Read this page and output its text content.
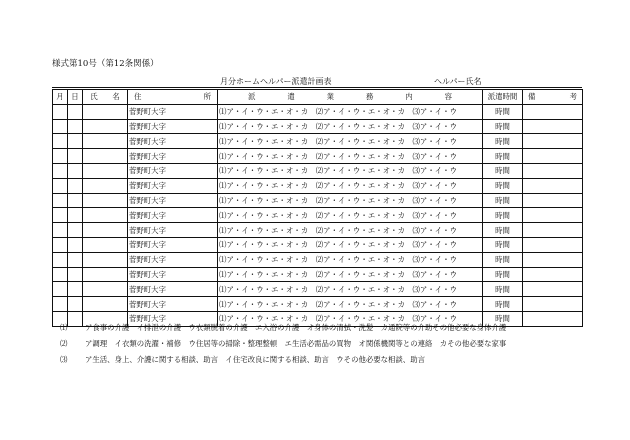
様式第10号（第12条関係）
月分ホームヘルパー派遣計画表	ヘルパー氏名
月	日	氏　　名	住所	派遣業務内容	派遣時間	備考
			菅野町大字	⑴ア・イ・ウ・エ・オ・カ　⑵ア・イ・ウ・エ・オ・カ　⑶ア・イ・ウ	時間	
			菅野町大字	⑴ア・イ・ウ・エ・オ・カ　⑵ア・イ・ウ・エ・オ・カ　⑶ア・イ・ウ	時間	
			菅野町大字	⑴ア・イ・ウ・エ・オ・カ　⑵ア・イ・ウ・エ・オ・カ　⑶ア・イ・ウ	時間	
			菅野町大字	⑴ア・イ・ウ・エ・オ・カ　⑵ア・イ・ウ・エ・オ・カ　⑶ア・イ・ウ	時間	
			菅野町大字	⑴ア・イ・ウ・エ・オ・カ　⑵ア・イ・ウ・エ・オ・カ　⑶ア・イ・ウ	時間	
			菅野町大字	⑴ア・イ・ウ・エ・オ・カ　⑵ア・イ・ウ・エ・オ・カ　⑶ア・イ・ウ	時間	
			菅野町大字	⑴ア・イ・ウ・エ・オ・カ　⑵ア・イ・ウ・エ・オ・カ　⑶ア・イ・ウ	時間	
			菅野町大字	⑴ア・イ・ウ・エ・オ・カ　⑵ア・イ・ウ・エ・オ・カ　⑶ア・イ・ウ	時間	
			菅野町大字	⑴ア・イ・ウ・エ・オ・カ　⑵ア・イ・ウ・エ・オ・カ　⑶ア・イ・ウ	時間	
			菅野町大字	⑴ア・イ・ウ・エ・オ・カ　⑵ア・イ・ウ・エ・オ・カ　⑶ア・イ・ウ	時間	
			菅野町大字	⑴ア・イ・ウ・エ・オ・カ　⑵ア・イ・ウ・エ・オ・カ　⑶ア・イ・ウ	時間	
			菅野町大字	⑴ア・イ・ウ・エ・オ・カ　⑵ア・イ・ウ・エ・オ・カ　⑶ア・イ・ウ	時間	
			菅野町大字	⑴ア・イ・ウ・エ・オ・カ　⑵ア・イ・ウ・エ・オ・カ　⑶ア・イ・ウ	時間	
			菅野町大字	⑴ア・イ・ウ・エ・オ・カ　⑵ア・イ・ウ・エ・オ・カ　⑶ア・イ・ウ	時間	
			菅野町大字	⑴ア・イ・ウ・エ・オ・カ　⑵ア・イ・ウ・エ・オ・カ　⑶ア・イ・ウ	時間	
⑴	ア食事の介護　イ排泄の介護　ウ衣類脱着の介護　エ入浴の介護　オ身体の清拭・洗髪　カ通院等の介助その他必要な身体介護
⑵	ア調理　イ衣類の洗濯・補修　ウ住居等の掃除・整理整頓　エ生活必需品の買物　オ関係機関等との連絡　カその他必要な家事
⑶	ア生活、身上、介護に関する相談、助言　イ住宅改良に関する相談、助言　ウその他必要な相談、助言
